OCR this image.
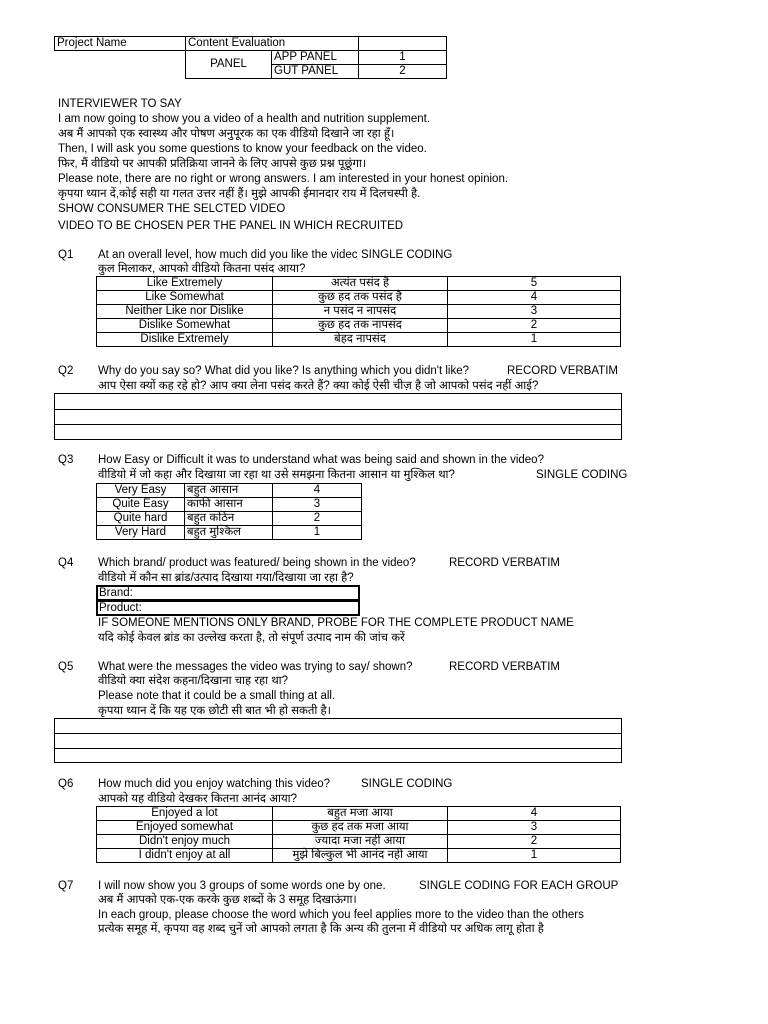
Project Name	Content Evaluation		
	PANEL	APP PANEL	1
		GUT PANEL	2
INTERVIEWER TO SAY
I am now going to show you a video of a health and nutrition supplement.
अब मैं आपको एक स्वास्थ्य और पोषण अनुपूरक का एक वीडियो दिखाने जा रहा हूँ।
Then, I will ask you some questions to know your feedback on the video.
फिर, मैं वीडियो पर आपकी प्रतिक्रिया जानने के लिए आपसे कुछ प्रश्न पूछूंगा।
Please note, there are no right or wrong answers. I am interested in your honest opinion.
कृपया ध्यान दें,कोई सही या गलत उत्तर नहीं हैं। मुझे आपकी ईमानदार राय में दिलचस्पी है.
SHOW CONSUMER THE SELCTED VIDEO
VIDEO TO BE CHOSEN PER THE PANEL IN WHICH RECRUITED
Q1 At an overall level, how much did you like the videc SINGLE CODING
कुल मिलाकर, आपको वीडियो कितना पसंद आया?
Like Extremely	अत्यंत पसंद है	5
Like Somewhat	कुछ हद तक पसंद है	4
Neither Like nor Dislike	न पसंद न नापसंद	3
Dislike Somewhat	कुछ हद तक नापसंद	2
Dislike Extremely	बेहद नापसंद	1
Q2 Why do you say so? What did you like? Is anything which you didn't like?	RECORD VERBATIM
आप ऐसा क्यों कह रहे हो? आप क्या लेना पसंद करते हैं? क्या कोई ऐसी चीज़ है जो आपको पसंद नहीं आई?
Q3 How Easy or Difficult it was to understand what was being said and shown in the video?
वीडियो में जो कहा और दिखाया जा रहा था उसे समझना कितना आसान या मुश्किल था?	SINGLE CODING
Very Easy	बहुत आसान	4
Quite Easy	काफी आसान	3
Quite hard	बहुत कठिन	2
Very Hard	बहुत मुश्किल	1
Q4 Which brand/ product was featured/ being shown in the video?	RECORD VERBATIM
वीडियो में कौन सा ब्रांड/उत्पाद दिखाया गया/दिखाया जा रहा है?
Brand:
Product:
IF SOMEONE MENTIONS ONLY BRAND, PROBE FOR THE COMPLETE PRODUCT NAME
यदि कोई केवल ब्रांड का उल्लेख करता है, तो संपूर्ण उत्पाद नाम की जांच करें
Q5 What were the messages the video was trying to say/ shown?	RECORD VERBATIM
वीडियो क्या संदेश कहना/दिखाना चाह रहा था?
Please note that it could be a small thing at all.
कृपया ध्यान दें कि यह एक छोटी सी बात भी हो सकती है।
Q6 How much did you enjoy watching this video?	SINGLE CODING
आपको यह वीडियो देखकर कितना आनंद आया?
Enjoyed a lot	बहुत मजा आया	4
Enjoyed somewhat	कुछ हद तक मजा आया	3
Didn't enjoy much	ज्यादा मजा नहीं आया	2
I didn't enjoy at all	मुझे बिल्कुल भी आनंद नहीं आया	1
Q7 I will now show you 3 groups of some words one by one.	SINGLE CODING FOR EACH GROUP
अब मैं आपको एक-एक करके कुछ शब्दों के 3 समूह दिखाऊंगा।
In each group, please choose the word which you feel applies more to the video than the others
प्रत्येक समूह में, कृपया वह शब्द चुनें जो आपको लगता है कि अन्य की तुलना में वीडियो पर अधिक लागू होता है
